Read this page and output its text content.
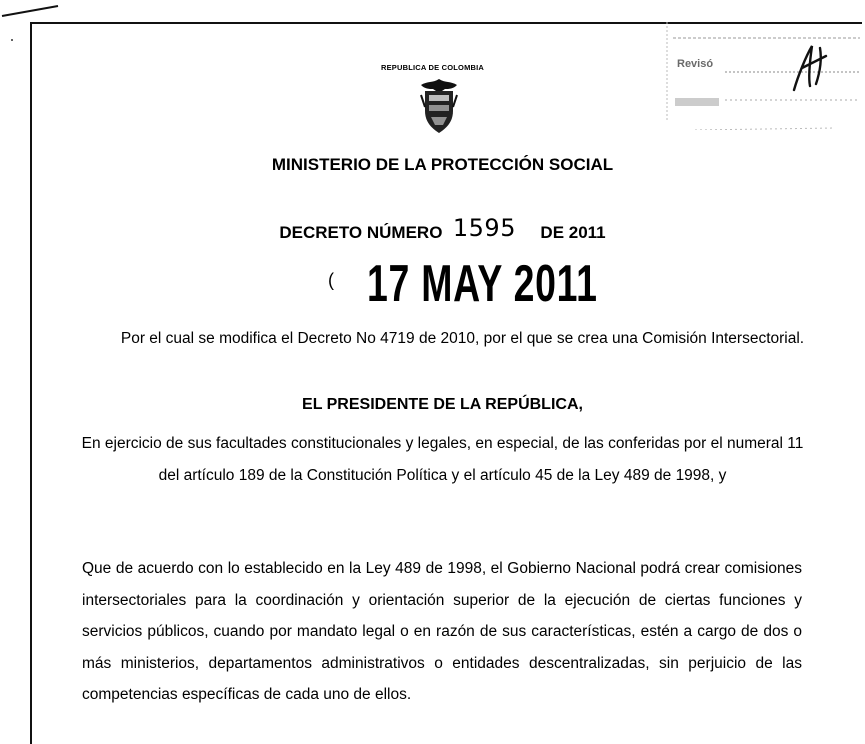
Revisó
REPUBLICA DE COLOMBIA
MINISTERIO DE LA PROTECCIÓN SOCIAL
DECRETO NÚMERO 1595 DE 2011
( 17 MAY 2011
Por el cual se modifica el Decreto No 4719 de 2010, por el que se crea una Comisión Intersectorial.
EL PRESIDENTE DE LA REPÚBLICA,
En ejercicio de sus facultades constitucionales y legales, en especial, de las conferidas por el numeral 11 del artículo 189 de la Constitución Política y el artículo 45 de la Ley 489 de 1998, y
Que de acuerdo con lo establecido en la Ley 489 de 1998, el Gobierno Nacional podrá crear comisiones intersectoriales para la coordinación y orientación superior de la ejecución de ciertas funciones y servicios públicos, cuando por mandato legal o en razón de sus características, estén a cargo de dos o más ministerios, departamentos administrativos o entidades descentralizadas, sin perjuicio de las competencias específicas de cada uno de ellos.
